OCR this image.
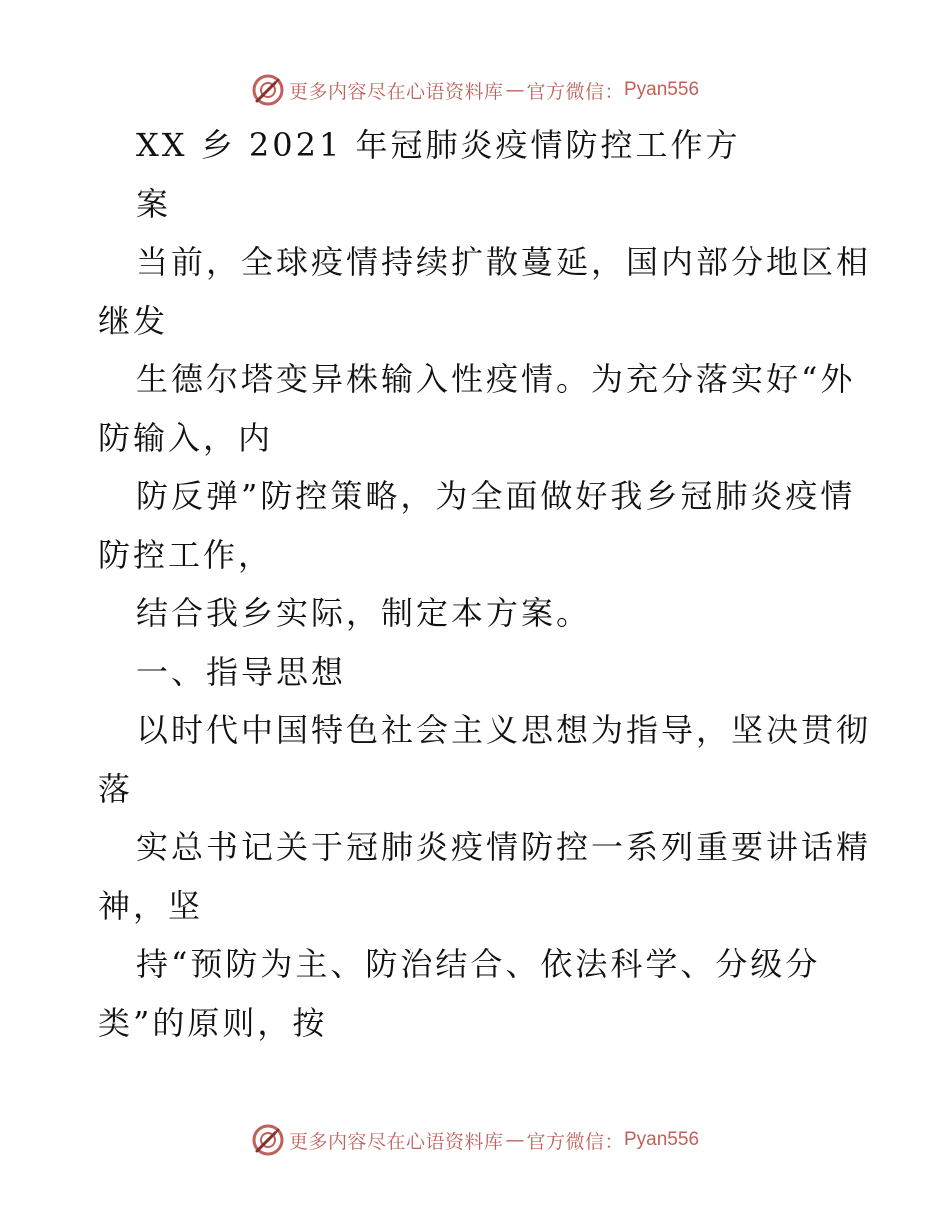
更多内容尽在心语资料库 — 官方微信： Pyan556
XX 乡 2021 年冠肺炎疫情防控工作方
案
当前，全球疫情持续扩散蔓延，国内部分地区相
继发
生德尔塔变异株输入性疫情。为充分落实好“外
防输入，内
防反弹”防控策略，为全面做好我乡冠肺炎疫情
防控工作，
结合我乡实际，制定本方案。
一、指导思想
以时代中国特色社会主义思想为指导，坚决贯彻
落
实总书记关于冠肺炎疫情防控一系列重要讲话精
神，坚
持“预防为主、防治结合、依法科学、分级分
类”的原则，按
更多内容尽在心语资料库 — 官方微信： Pyan556
